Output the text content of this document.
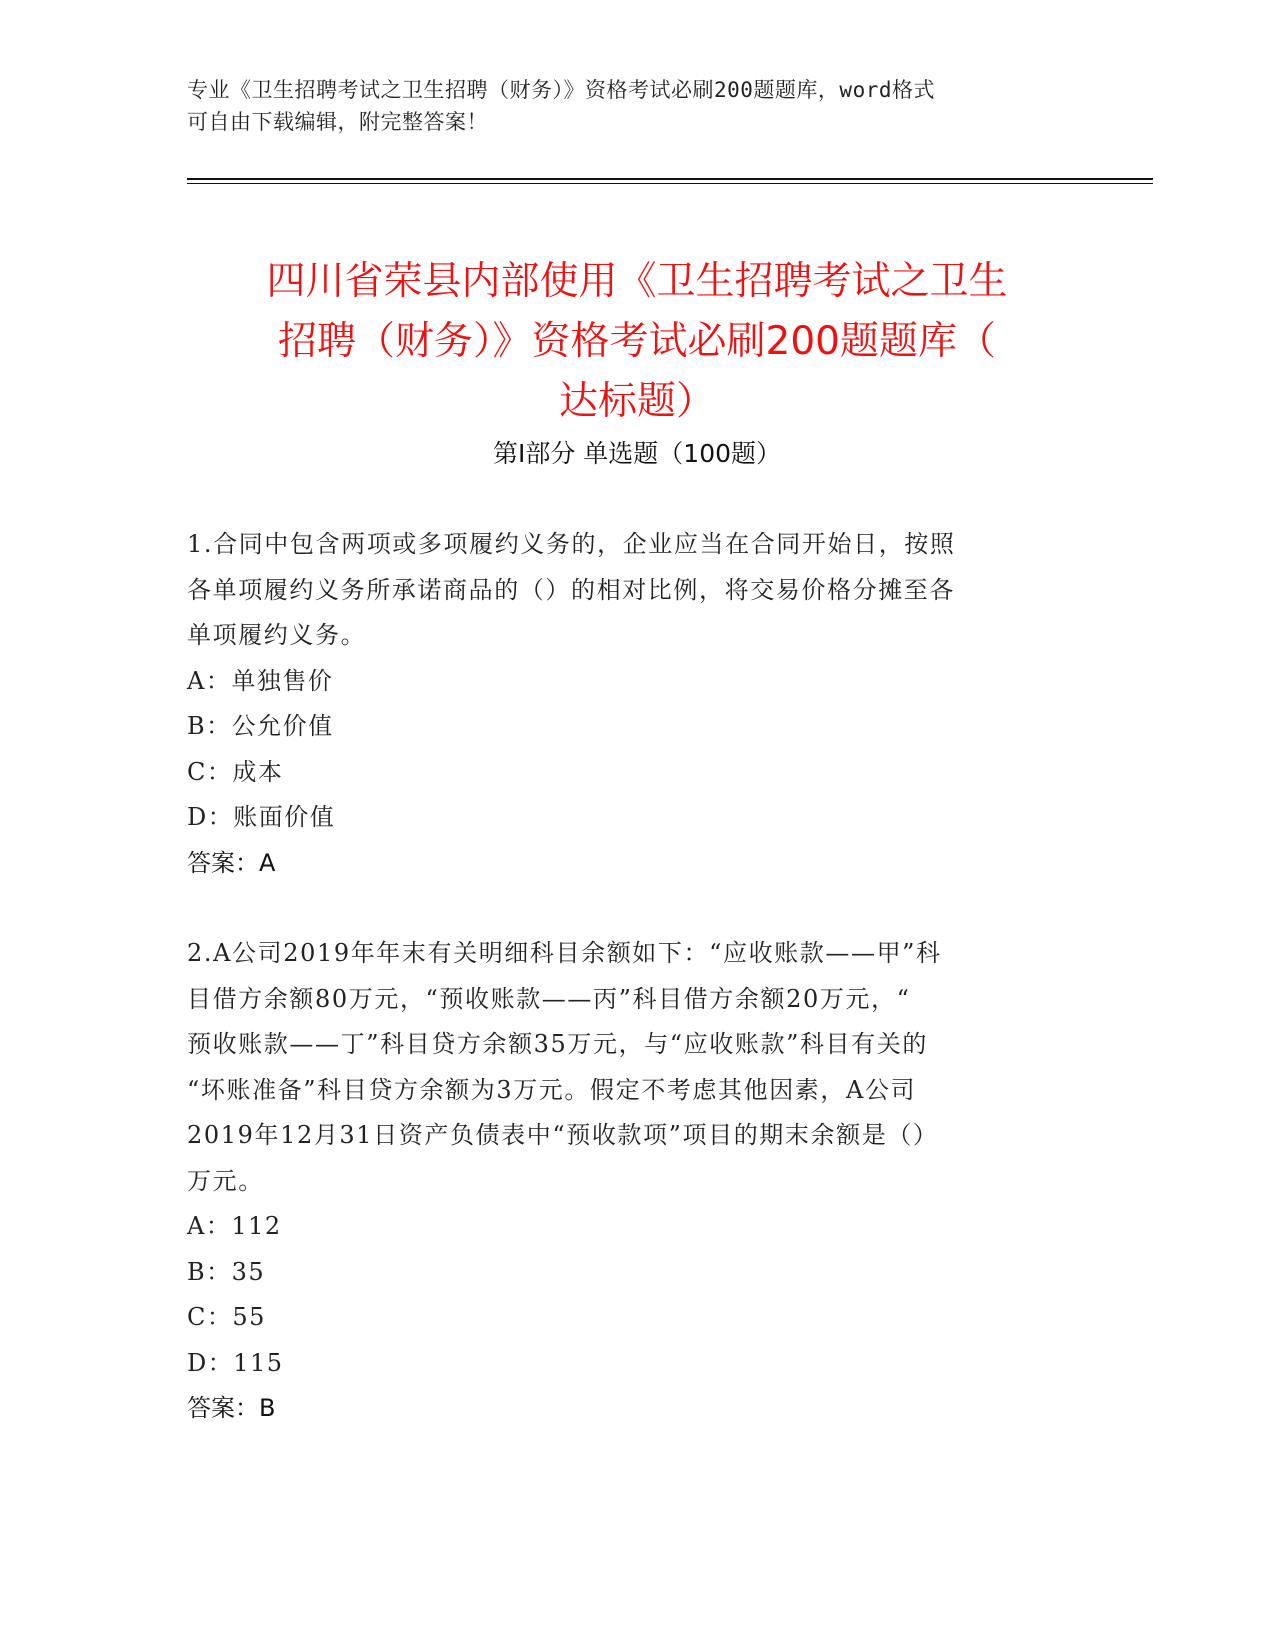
专业《卫生招聘考试之卫生招聘（财务）》资格考试必刷200题题库，word格式
可自由下载编辑，附完整答案！
四川省荣县内部使用《卫生招聘考试之卫生
招聘（财务）》资格考试必刷200题题库（
达标题）
第Ⅰ部分 单选题（100题）
1.合同中包含两项或多项履约义务的，企业应当在合同开始日，按照
各单项履约义务所承诺商品的（）的相对比例，将交易价格分摊至各
单项履约义务。
A：单独售价
B：公允价值
C：成本
D：账面价值
答案：A
2.A公司2019年年末有关明细科目余额如下：“应收账款——甲”科
目借方余额80万元，“预收账款——丙”科目借方余额20万元，“
预收账款——丁”科目贷方余额35万元，与“应收账款”科目有关的
“坏账准备”科目贷方余额为3万元。假定不考虑其他因素，A公司
2019年12月31日资产负债表中“预收款项”项目的期末余额是（）
万元。
A：112
B：35
C：55
D：115
答案：B
